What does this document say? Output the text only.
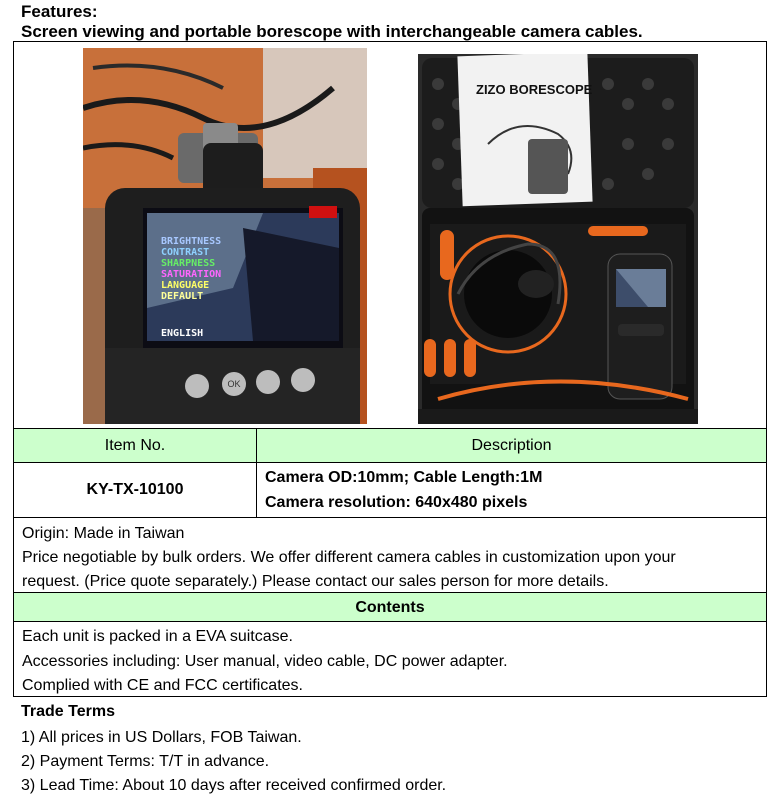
Features:
Screen viewing and portable borescope with interchangeable camera cables.
BRIGHTNESS
CONTRAST
SHARPNESS
SATURATION
LANGUAGE
DEFAULT
ENGLISH
OK
ZIZO BORESCOPE
Item No.	Description
KY-TX-10100	Camera OD:10mm; Cable Length:1M
Camera resolution: 640x480 pixels
Origin: Made in Taiwan
Price negotiable by bulk orders. We offer different camera cables in customization upon your
request. (Price quote separately.) Please contact our sales person for more details.
Contents
Each unit is packed in a EVA suitcase.
Accessories including: User manual, video cable, DC power adapter.
Complied with CE and FCC certificates.
Trade Terms
1) All prices in US Dollars, FOB Taiwan.
2) Payment Terms: T/T in advance.
3) Lead Time: About 10 days after received confirmed order.
